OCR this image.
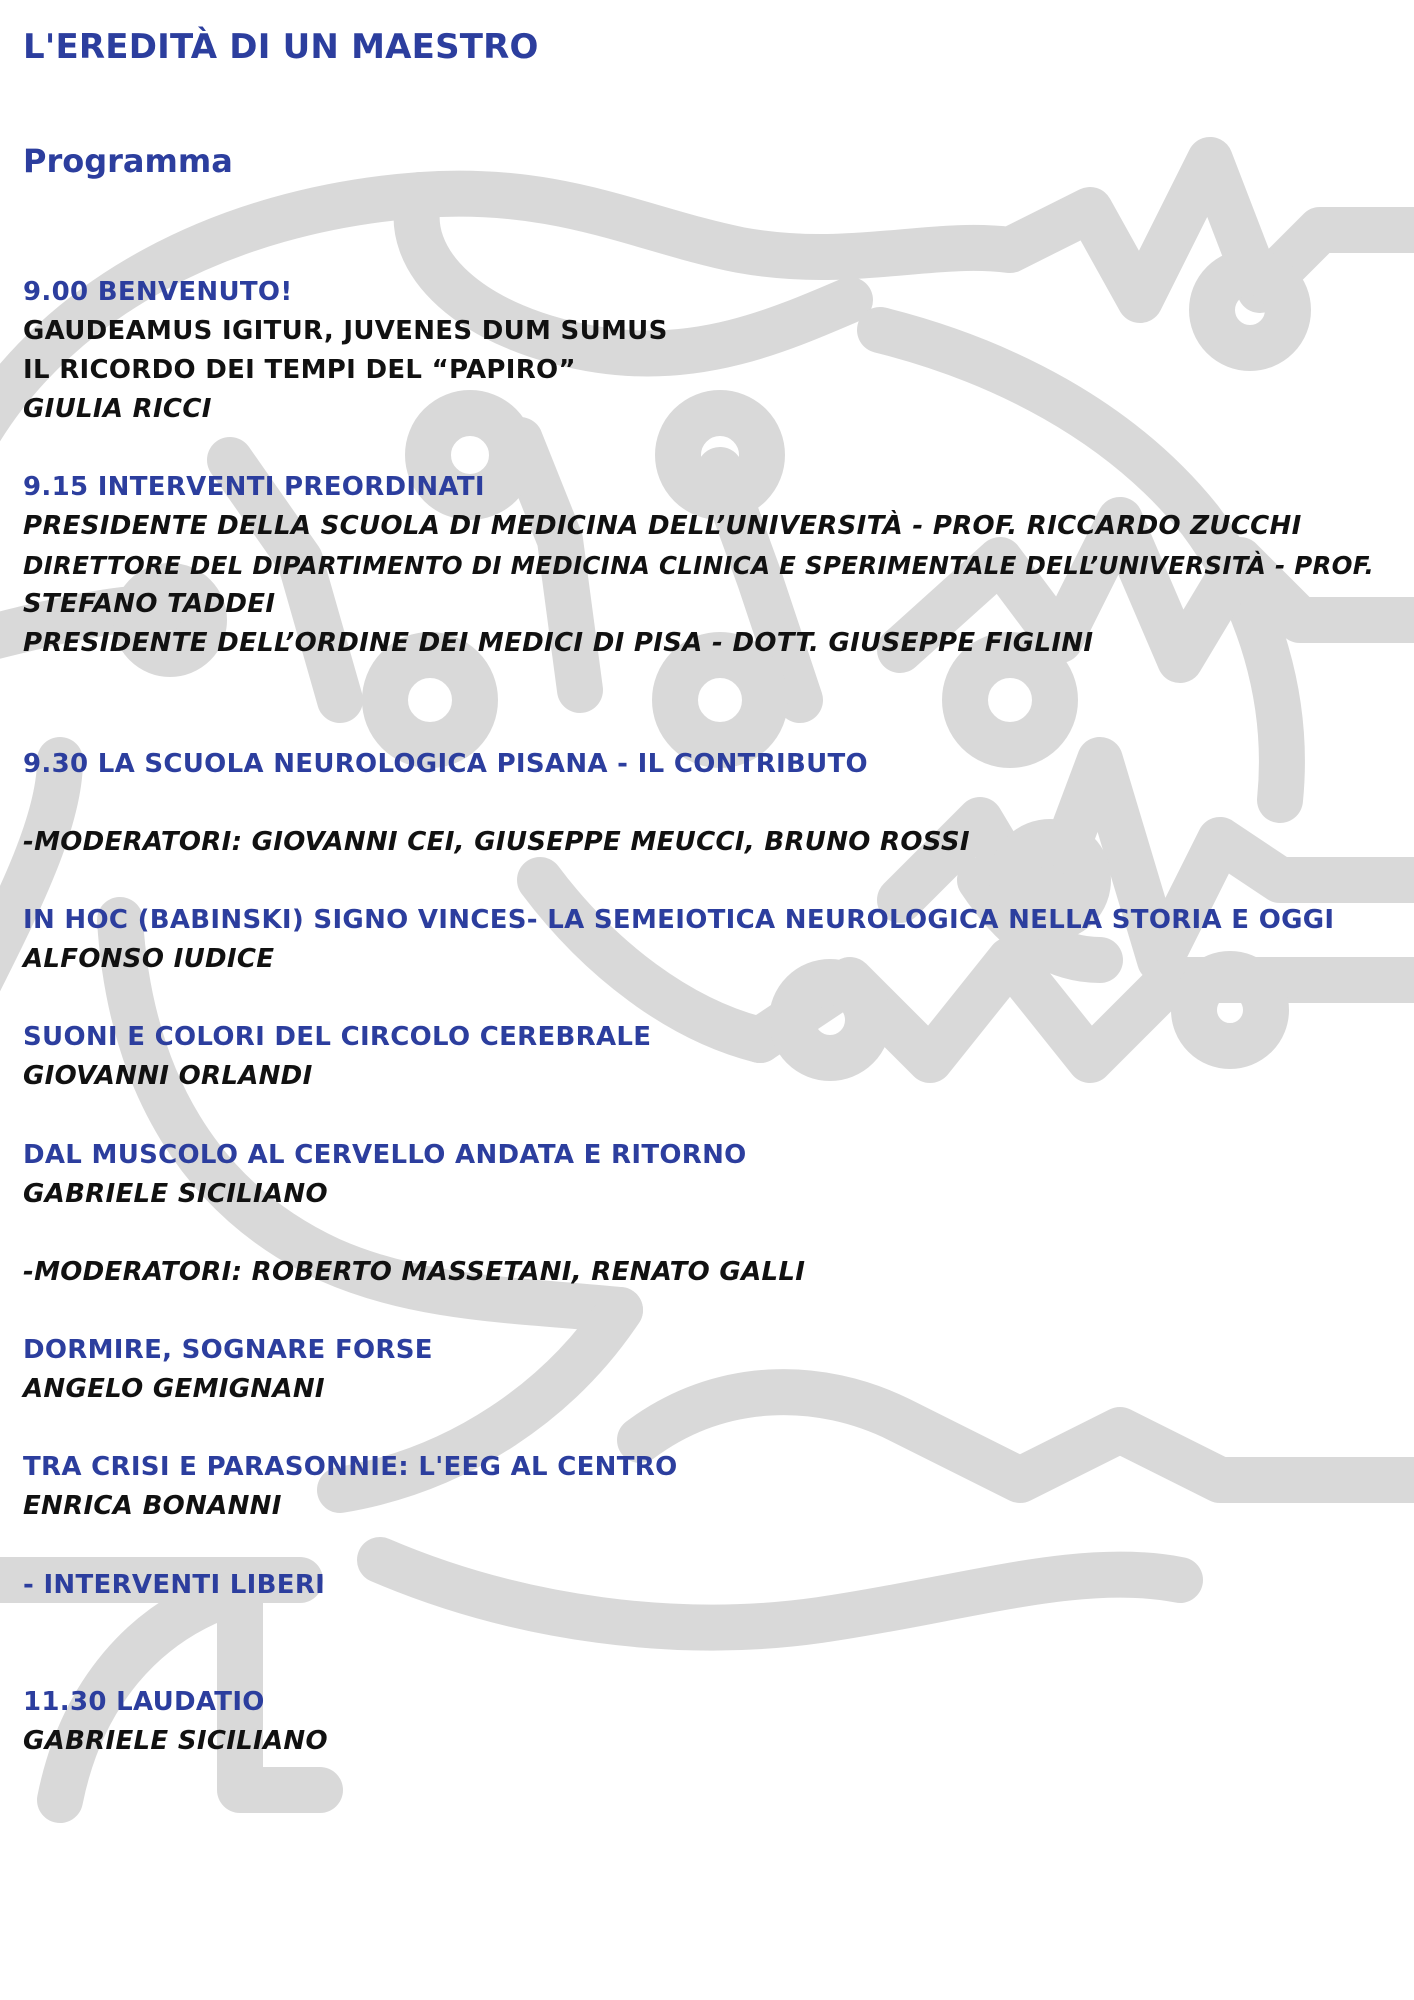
L'EREDITÀ DI UN MAESTRO
Programma

9.00 BENVENUTO!

GAUDEAMUS IGITUR, JUVENES DUM SUMUS

IL RICORDO DEI TEMPI DEL “PAPIRO”

GIULIA RICCI

9.15 INTERVENTI PREORDINATI

PRESIDENTE DELLA SCUOLA DI MEDICINA DELL’UNIVERSITÀ - PROF. RICCARDO ZUCCHI

DIRETTORE DEL DIPARTIMENTO DI MEDICINA CLINICA E SPERIMENTALE DELL’UNIVERSITÀ - PROF.

STEFANO TADDEI

PRESIDENTE DELL’ORDINE DEI MEDICI DI PISA - DOTT. GIUSEPPE FIGLINI

9.30 LA SCUOLA NEUROLOGICA PISANA - IL CONTRIBUTO

-MODERATORI: GIOVANNI CEI, GIUSEPPE MEUCCI, BRUNO ROSSI

IN HOC (BABINSKI) SIGNO VINCES- LA SEMEIOTICA NEUROLOGICA NELLA STORIA E OGGI

ALFONSO IUDICE

SUONI E COLORI DEL CIRCOLO CEREBRALE

GIOVANNI ORLANDI

DAL MUSCOLO AL CERVELLO ANDATA E RITORNO

GABRIELE SICILIANO

-MODERATORI: ROBERTO MASSETANI, RENATO GALLI

DORMIRE, SOGNARE FORSE

ANGELO GEMIGNANI

TRA CRISI E PARASONNIE: L'EEG AL CENTRO

ENRICA BONANNI

- INTERVENTI LIBERI

11.30 LAUDATIO

GABRIELE SICILIANO
